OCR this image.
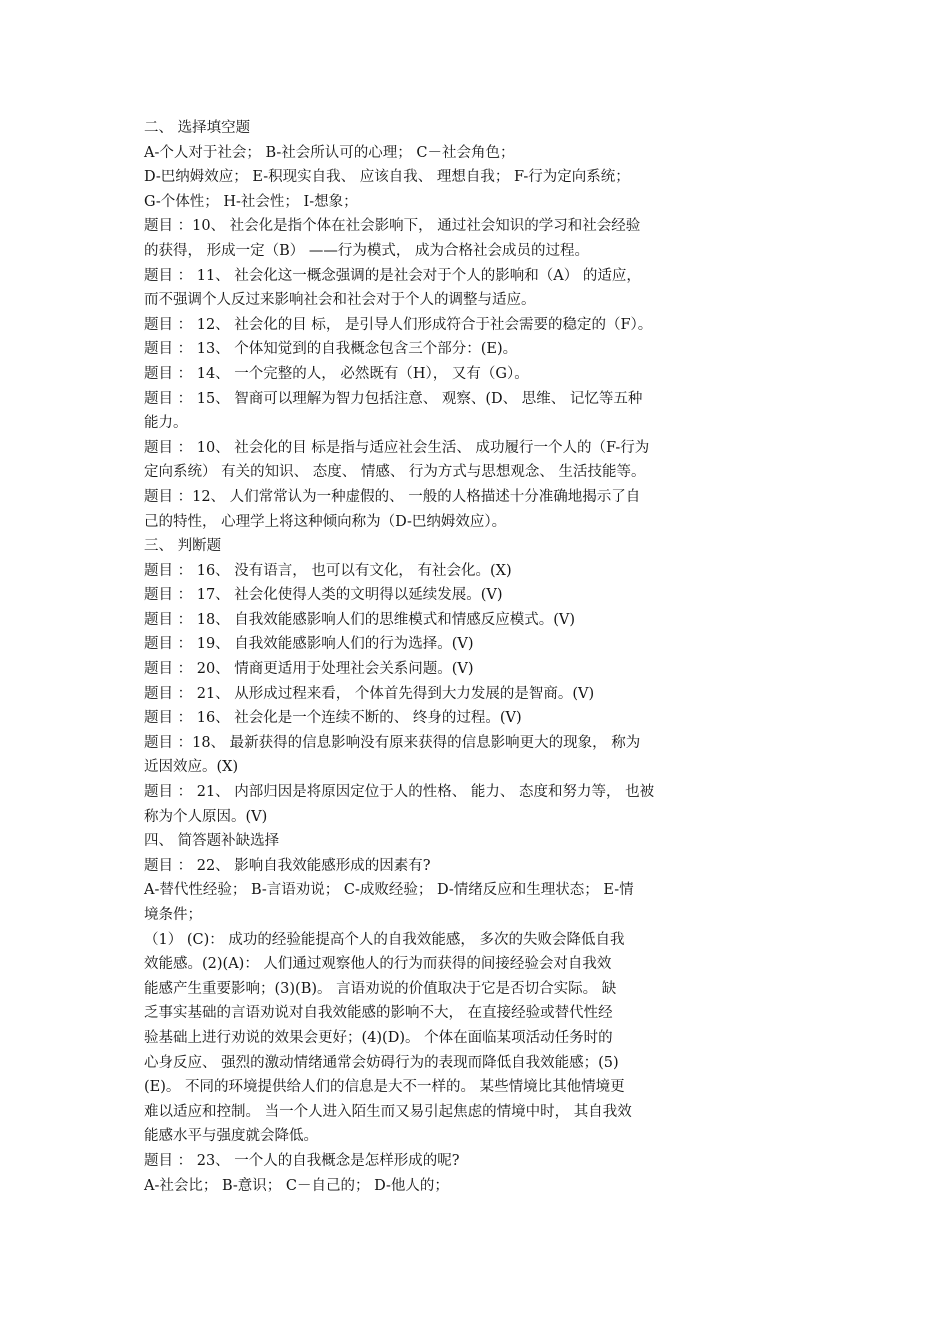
二、 选择填空题
A-个人对于社会； B-社会所认可的心理； C－社会角色；
D-巴纳姆效应； E-积现实自我、 应该自我、 理想自我； F-行为定向系统；
G-个体性； H-社会性； I-想象；
题目 ：10、 社会化是指个体在社会影响下， 通过社会知识的学习和社会经验
的获得， 形成一定（B） ——行为模式， 成为合格社会成员的过程。
题目 ： 11、 社会化这一概念强调的是社会对于个人的影响和（A） 的适应，
而不强调个人反过来影响社会和社会对于个人的调整与适应。
题目 ： 12、 社会化的目 标， 是引导人们形成符合于社会需要的稳定的（F）。
题目 ： 13、 个体知觉到的自我概念包含三个部分：(E)。
题目 ： 14、 一个完整的人， 必然既有（H）， 又有（G）。
题目 ： 15、 智商可以理解为智力包括注意、 观察、(D、 思维、 记忆等五种
能力。
题目 ： 10、 社会化的目 标是指与适应社会生活、 成功履行一个人的（F-行为
定向系统） 有关的知识、 态度、 情感、 行为方式与思想观念、 生活技能等。
题目 ：12、 人们常常认为一种虚假的、 一般的人格描述十分准确地揭示了自
己的特性， 心理学上将这种倾向称为（D-巴纳姆效应）。
三、 判断题
题目 ： 16、 没有语言， 也可以有文化， 有社会化。(X)
题目 ： 17、 社会化使得人类的文明得以延续发展。(V)
题目 ： 18、 自我效能感影响人们的思维模式和情感反应模式。(V)
题目 ： 19、 自我效能感影响人们的行为选择。(V)
题目 ： 20、 情商更适用于处理社会关系问题。(V)
题目 ： 21、 从形成过程来看， 个体首先得到大力发展的是智商。(V)
题目 ： 16、 社会化是一个连续不断的、 终身的过程。(V)
题目 ：18、 最新获得的信息影响没有原来获得的信息影响更大的现象， 称为
近因效应。(X)
题目 ： 21、 内部归因是将原因定位于人的性格、 能力、 态度和努力等， 也被
称为个人原因。(V)
四、 简答题补缺选择
题目 ： 22、 影响自我效能感形成的因素有?
A-替代性经验； B-言语劝说； C-成败经验； D-情绪反应和生理状态； E-情
境条件；
（1） (C)： 成功的经验能提高个人的自我效能感， 多次的失败会降低自我
效能感。(2)(A)： 人们通过观察他人的行为而获得的间接经验会对自我效
能感产生重要影响；(3)(B)。 言语劝说的价值取决于它是否切合实际。 缺
乏事实基础的言语劝说对自我效能感的影响不大， 在直接经验或替代性经
验基础上进行劝说的效果会更好；(4)(D)。 个体在面临某项活动任务时的
心身反应、 强烈的激动情绪通常会妨碍行为的表现而降低自我效能感；(5)
(E)。 不同的环境提供给人们的信息是大不一样的。 某些情境比其他情境更
难以适应和控制。 当一个人进入陌生而又易引起焦虑的情境中时， 其自我效
能感水平与强度就会降低。
题目 ： 23、 一个人的自我概念是怎样形成的呢?
A-社会比； B-意识； C－自己的； D-他人的；
